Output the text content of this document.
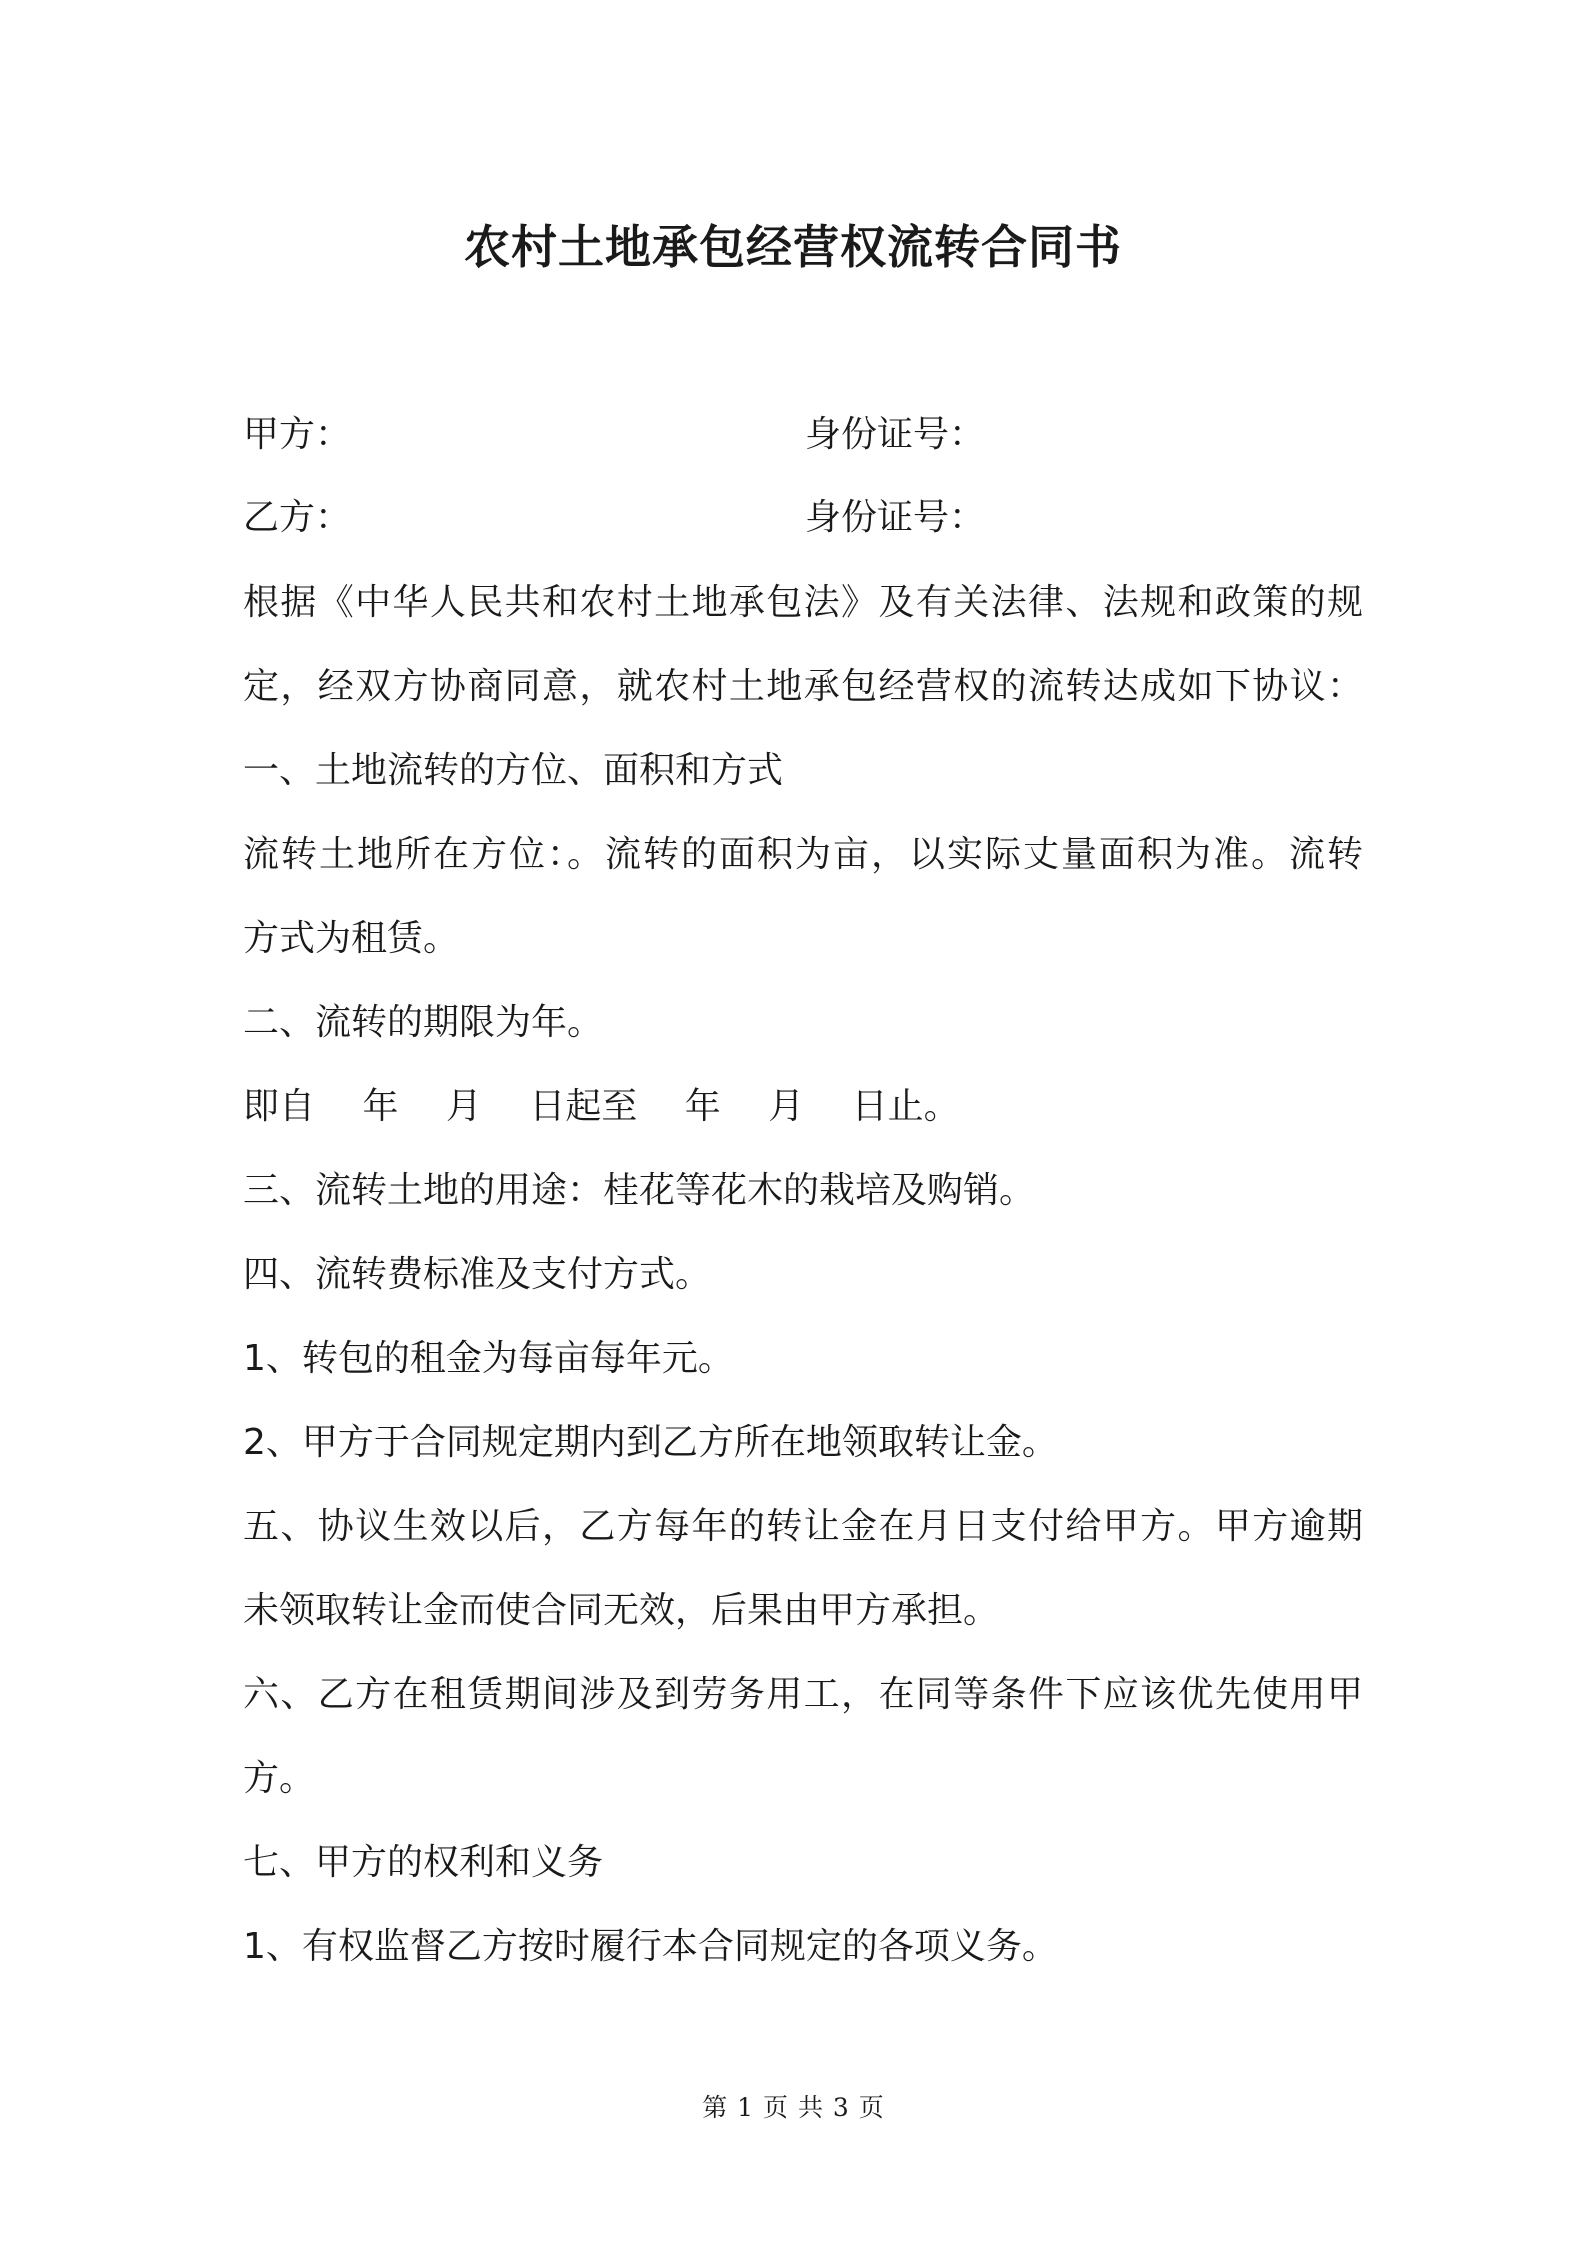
农村土地承包经营权流转合同书
甲方：	身份证号：
乙方：	身份证号：
根据《中华人民共和农村土地承包法》及有关法律、法规和政策的规
定，经双方协商同意，就农村土地承包经营权的流转达成如下协议：
一、土地流转的方位、面积和方式
流转土地所在方位：。流转的面积为亩，以实际丈量面积为准。流转
方式为租赁。
二、流转的期限为年。
即自　 年　 月　 日起至　 年　 月　 日止。
三、流转土地的用途：桂花等花木的栽培及购销。
四、流转费标准及支付方式。
1、转包的租金为每亩每年元。
2、甲方于合同规定期内到乙方所在地领取转让金。
五、协议生效以后，乙方每年的转让金在月日支付给甲方。甲方逾期
未领取转让金而使合同无效，后果由甲方承担。
六、乙方在租赁期间涉及到劳务用工，在同等条件下应该优先使用甲
方。
七、甲方的权利和义务
1、有权监督乙方按时履行本合同规定的各项义务。
第 1 页 共 3 页
